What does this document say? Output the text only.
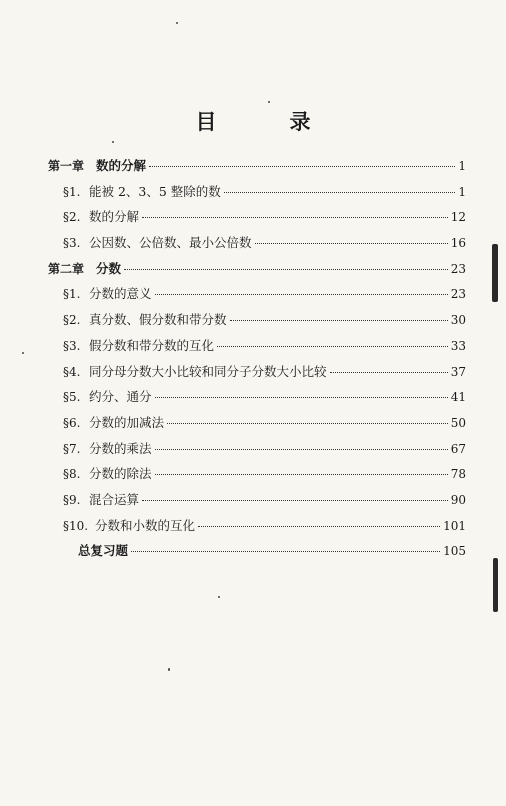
目　录
第一章 数的分解	1
§1. 能被 2、3、5 整除的数	1
§2. 数的分解	12
§3. 公因数、公倍数、最小公倍数	16
第二章 分数	23
§1. 分数的意义	23
§2. 真分数、假分数和带分数	30
§3. 假分数和带分数的互化	33
§4. 同分母分数大小比较和同分子分数大小比较	37
§5. 约分、通分	41
§6. 分数的加减法	50
§7. 分数的乘法	67
§8. 分数的除法	78
§9. 混合运算	90
§10. 分数和小数的互化	101
总复习题	105
